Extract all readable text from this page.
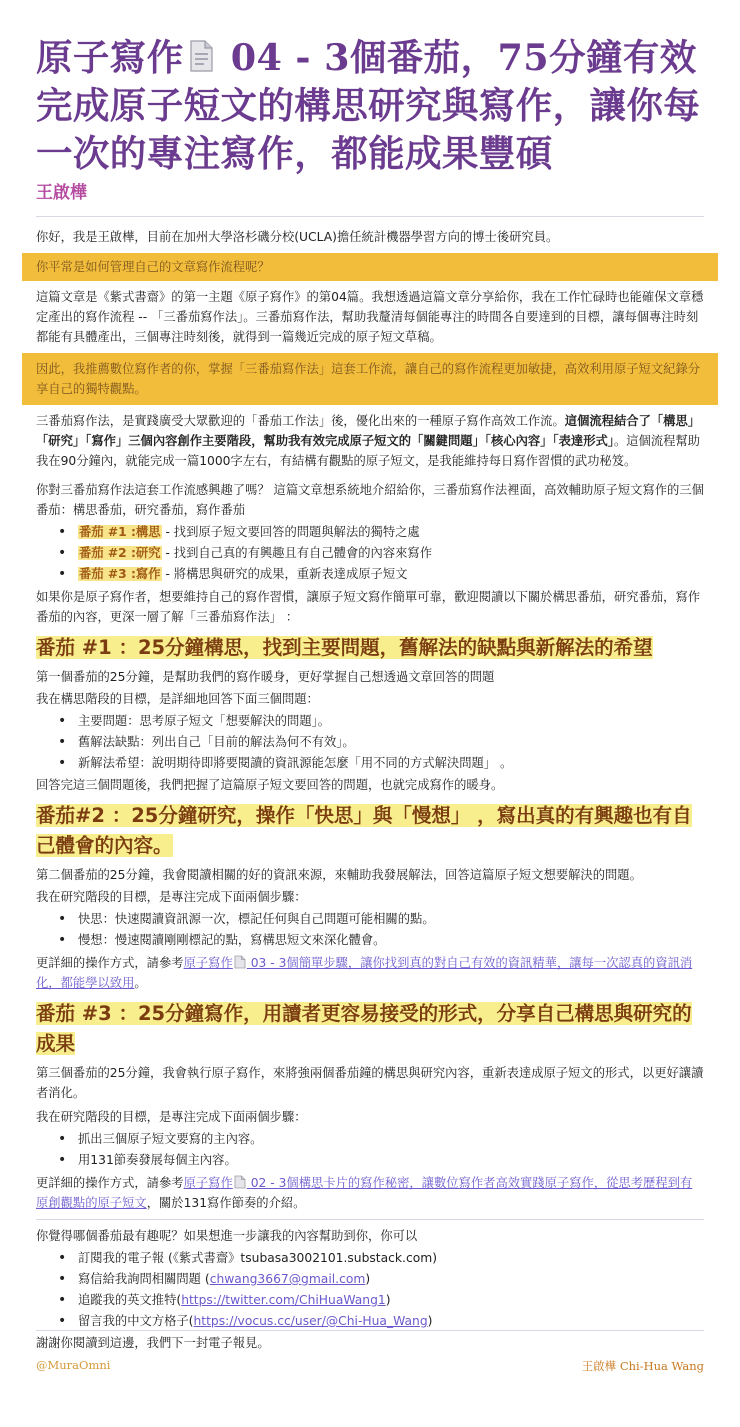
原子寫作 04 - 3個番茄，75分鐘有效完成原子短文的構思研究與寫作，讓你每一次的專注寫作，都能成果豐碩
王啟樺

你好，我是王啟樺，目前在加州大學洛杉磯分校(UCLA)擔任統計機器學習方向的博士後研究員。

你平常是如何管理自己的文章寫作流程呢？

這篇文章是《紫式書齋》的第一主題《原子寫作》的第04篇。我想透過這篇文章分享給你，我在工作忙碌時也能確保文章穩定產出的寫作流程 -- 「三番茄寫作法」。三番茄寫作法，幫助我釐清每個能專注的時間各自要達到的目標，讓每個專注時刻都能有具體產出，三個專注時刻後，就得到一篇幾近完成的原子短文草稿。

因此，我推薦數位寫作者的你，掌握「三番茄寫作法」這套工作流，讓自己的寫作流程更加敏捷，高效利用原子短文紀錄分享自己的獨特觀點。

三番茄寫作法，是實踐廣受大眾歡迎的「番茄工作法」後，優化出來的一種原子寫作高效工作流。這個流程結合了「構思」「研究」「寫作」三個內容創作主要階段，幫助我有效完成原子短文的「關鍵問題」「核心內容」「表達形式」。這個流程幫助我在90分鐘內，就能完成一篇1000字左右，有結構有觀點的原子短文，是我能維持每日寫作習慣的武功秘笈。

你對三番茄寫作法這套工作流感興趣了嗎？ 這篇文章想系統地介紹給你，三番茄寫作法裡面，高效輔助原子短文寫作的三個番茄：構思番茄，研究番茄，寫作番茄

• 番茄 #1 :構思 - 找到原子短文要回答的問題與解法的獨特之處
• 番茄 #2 :研究 - 找到自己真的有興趣且有自己體會的內容來寫作
• 番茄 #3 :寫作 - 將構思與研究的成果，重新表達成原子短文

如果你是原子寫作者，想要維持自己的寫作習慣，讓原子短文寫作簡單可靠，歡迎閱讀以下關於構思番茄，研究番茄，寫作番茄的內容，更深一層了解「三番茄寫作法」 ：

番茄 #1 ：25分鐘構思，找到主要問題，舊解法的缺點與新解法的希望

第一個番茄的25分鐘，是幫助我們的寫作暖身，更好掌握自己想透過文章回答的問題

我在構思階段的目標，是詳細地回答下面三個問題：

• 主要問題：思考原子短文「想要解決的問題」。
• 舊解法缺點：列出自己「目前的解法為何不有效」。
• 新解法希望：說明期待即將要閱讀的資訊源能怎麼「用不同的方式解決問題」 。

回答完這三個問題後，我們把握了這篇原子短文要回答的問題，也就完成寫作的暖身。

番茄#2 ：25分鐘研究，操作「快思」與「慢想」 ，寫出真的有興趣也有自己體會的內容。

第二個番茄的25分鐘，我會閱讀相關的好的資訊來源，來輔助我發展解法，回答這篇原子短文想要解決的問題。

我在研究階段的目標，是專注完成下面兩個步驟：

• 快思：快速閱讀資訊源一次，標記任何與自己問題可能相關的點。
• 慢想：慢速閱讀剛剛標記的點，寫構思短文來深化體會。

更詳細的操作方式，請參考原子寫作 03 - 3個簡單步驟，讓你找到真的對自己有效的資訊精華，讓每一次認真的資訊消化，都能學以致用。

番茄 #3 ：25分鐘寫作，用讀者更容易接受的形式，分享自己構思與研究的成果

第三個番茄的25分鐘，我會執行原子寫作，來將強兩個番茄鐘的構思與研究內容，重新表達成原子短文的形式，以更好讓讀者消化。

我在研究階段的目標，是專注完成下面兩個步驟：

• 抓出三個原子短文要寫的主內容。
• 用131節奏發展每個主內容。

更詳細的操作方式，請參考原子寫作 02 - 3個構思卡片的寫作秘密，讓數位寫作者高效實踐原子寫作，從思考歷程到有原創觀點的原子短文，關於131寫作節奏的介紹。

你覺得哪個番茄最有趣呢？如果想進一步讓我的內容幫助到你，你可以

• 訂閱我的電子報 (《紫式書齋》tsubasa3002101.substack.com)
• 寫信給我詢問相關問題 (chwang3667@gmail.com)
• 追蹤我的英文推特(https://twitter.com/ChiHuaWang1)
• 留言我的中文方格子(https://vocus.cc/user/@Chi-Hua_Wang)

謝謝你閱讀到這邊，我們下一封電子報見。

@MuraOmni	王啟樺 Chi-Hua Wang
